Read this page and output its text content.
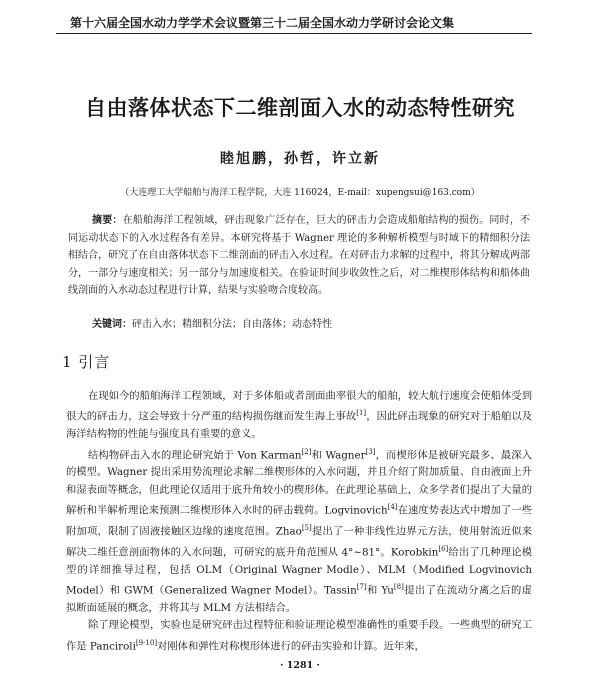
第十六届全国水动力学学术会议暨第三十二届全国水动力学研讨会论文集
自由落体状态下二维剖面入水的动态特性研究
睦旭鹏，孙哲，许立新
（大连理工大学船舶与海洋工程学院，大连 116024，E-mail：xupengsui@163.com）
摘要：在船舶海洋工程领域，砰击现象广泛存在，巨大的砰击力会造成船舶结构的损伤。同时，不同运动状态下的入水过程各有差异。本研究将基于 Wagner 理论的多种解析模型与时域下的精细积分法相结合，研究了在自由落体状态下二维剖面的砰击入水过程。在对砰击力求解的过程中，将其分解成两部分，一部分与速度相关；另一部分与加速度相关。在验证时间步收敛性之后，对二维楔形体结构和船体曲线剖面的入水动态过程进行计算，结果与实验吻合度较高。
关键词：砰击入水；精细积分法；自由落体；动态特性
1 引言

在现如今的船舶海洋工程领域，对于多体船或者剖面曲率很大的船舶，较大航行速度会使船体受到很大的砰击力，这会导致十分严重的结构损伤继而发生海上事故[1]，因此砰击现象的研究对于船舶以及海洋结构物的性能与强度具有重要的意义。

结构物砰击入水的理论研究始于 Von Karman[2]和 Wagner[3]，而楔形体是被研究最多、最深入的模型。Wagner 提出采用势流理论求解二维楔形体的入水问题，并且介绍了附加质量、自由液面上升和湿表面等概念，但此理论仅适用于底升角较小的楔形体。在此理论基础上，众多学者们提出了大量的解析和半解析理论来预测二维楔形体入水时的砰击载荷。Logvinovich[4]在速度势表达式中增加了一些附加项，限制了固液接触区边缘的速度范围。Zhao[5]提出了一种非线性边界元方法，使用射流近似来解决二维任意剖面物体的入水问题，可研究的底升角范围从 4°~81°。Korobkin[6]给出了几种理论模型的详细推导过程，包括 OLM（Original Wagner Modle）、MLM（Modified Logvinovich Model）和 GWM（Generalized Wagner Model）。Tassin[7]和 Yu[8]提出了在流动分离之后的虚拟断面延展的概念，并将其与 MLM 方法相结合。

除了理论模型，实验也是研究砰击过程特征和验证理论模型准确性的重要手段。一些典型的研究工作是 Panciroli[9-10]对刚体和弹性对称楔形体进行的砰击实验和计算。近年来，

· 1281 ·
